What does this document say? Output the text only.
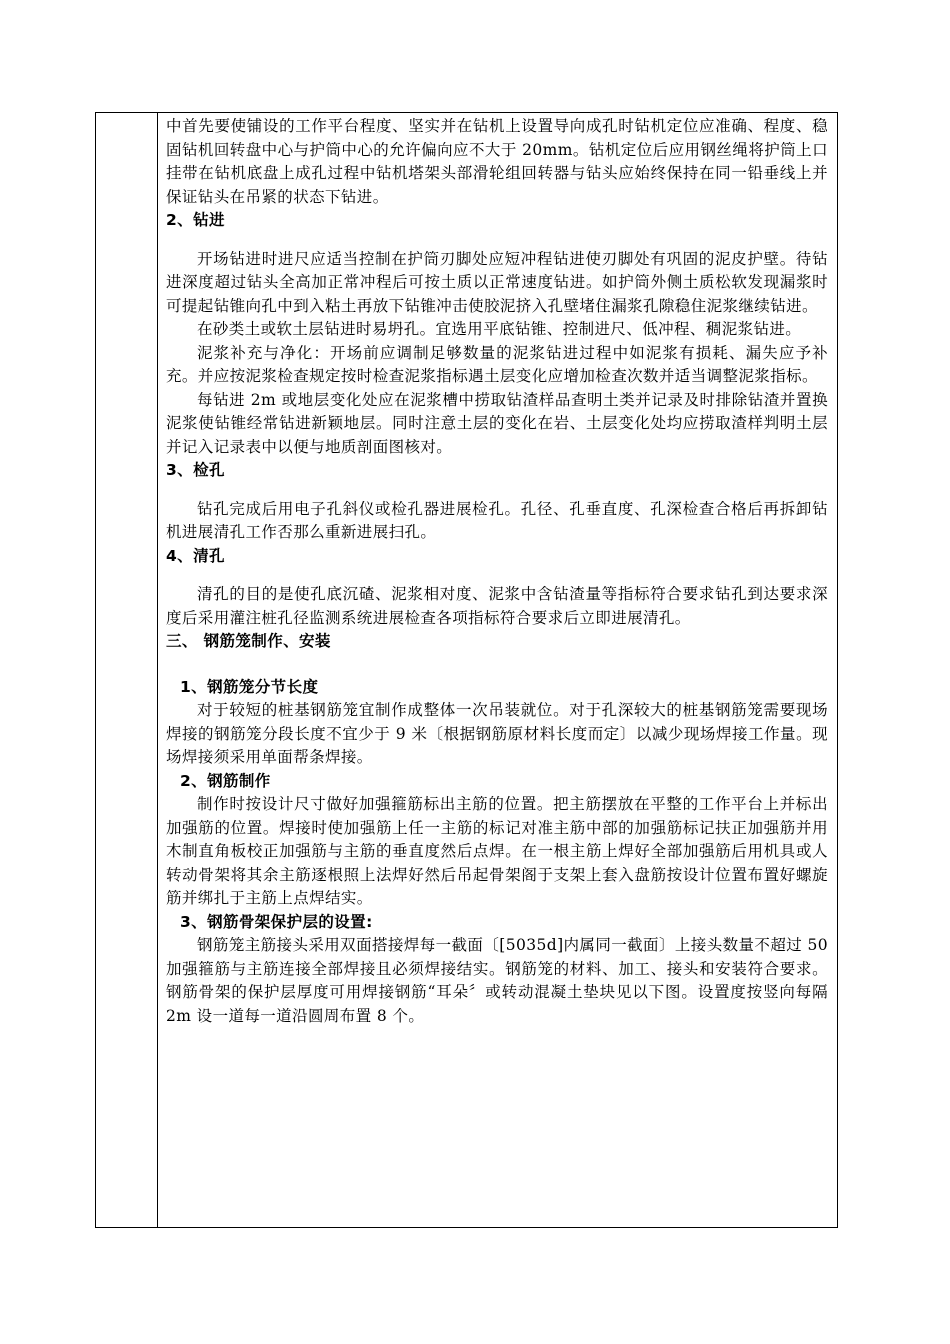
中首先要使铺设的工作平台程度、坚实并在钻机上设置导向成孔时钻机定位应准确、程度、稳固钻机回转盘中心与护筒中心的允许偏向应不大于 20mm。钻机定位后应用钢丝绳将护筒上口挂带在钻机底盘上成孔过程中钻机塔架头部滑轮组回转器与钻头应始终保持在同一铅垂线上并保证钻头在吊紧的状态下钻进。

2、钻进

开场钻进时进尺应适当控制在护筒刃脚处应短冲程钻进使刃脚处有巩固的泥皮护壁。待钻进深度超过钻头全高加正常冲程后可按土质以正常速度钻进。如护筒外侧土质松软发现漏浆时可提起钻锥向孔中到入粘土再放下钻锥冲击使胶泥挤入孔壁堵住漏浆孔隙稳住泥浆继续钻进。

在砂类土或软土层钻进时易坍孔。宜选用平底钻锥、控制进尺、低冲程、稠泥浆钻进。

泥浆补充与净化：开场前应调制足够数量的泥浆钻进过程中如泥浆有损耗、漏失应予补充。并应按泥浆检查规定按时检查泥浆指标遇土层变化应增加检查次数并适当调整泥浆指标。

每钻进 2m 或地层变化处应在泥浆槽中捞取钻渣样品查明土类并记录及时排除钻渣并置换泥浆使钻锥经常钻进新颖地层。同时注意土层的变化在岩、土层变化处均应捞取渣样判明土层并记入记录表中以便与地质剖面图核对。

3、检孔

钻孔完成后用电子孔斜仪或检孔器进展检孔。孔径、孔垂直度、孔深检查合格后再拆卸钻机进展清孔工作否那么重新进展扫孔。

4、清孔

清孔的目的是使孔底沉碴、泥浆相对度、泥浆中含钻渣量等指标符合要求钻孔到达要求深度后采用灌注桩孔径监测系统进展检查各项指标符合要求后立即进展清孔。

三、 钢筋笼制作、安装
1、钢筋笼分节长度

对于较短的桩基钢筋笼宜制作成整体一次吊装就位。对于孔深较大的桩基钢筋笼需要现场焊接的钢筋笼分段长度不宜少于 9 米〔根据钢筋原材料长度而定〕以减少现场焊接工作量。现场焊接须采用单面帮条焊接。

2、钢筋制作

制作时按设计尺寸做好加强箍筋标出主筋的位置。把主筋摆放在平整的工作平台上并标出加强筋的位置。焊接时使加强筋上任一主筋的标记对准主筋中部的加强筋标记扶正加强筋并用木制直角板校正加强筋与主筋的垂直度然后点焊。在一根主筋上焊好全部加强筋后用机具或人转动骨架将其余主筋逐根照上法焊好然后吊起骨架阁于支架上套入盘筋按设计位置布置好螺旋筋并绑扎于主筋上点焊结实。

3、钢筋骨架保护层的设置:

钢筋笼主筋接头采用双面搭接焊每一截面〔[5035d]内属同一截面〕上接头数量不超过 50 加强箍筋与主筋连接全部焊接且必须焊接结实。钢筋笼的材料、加工、接头和安装符合要求。钢筋骨架的保护层厚度可用焊接钢筋“耳朵〞或转动混凝土垫块见以下图。设置度按竖向每隔 2m 设一道每一道沿圆周布置 8 个。
